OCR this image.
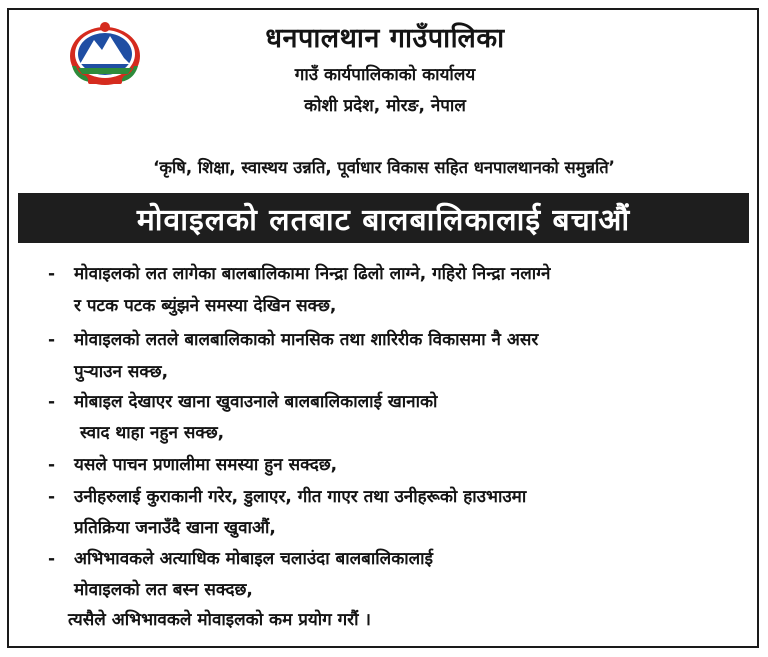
धनपालथान गाउँपालिका
गाउँ कार्यपालिकाको कार्यालय
कोशी प्रदेश, मोरङ, नेपाल
‘कृषि, शिक्षा, स्वास्थय उन्नति, पूर्वाधार विकास सहित धनपालथानको समुन्नति’
मोवाइलको लतबाट बालबालिकालाई बचाऔं
- मोवाइलको लत लागेका बालबालिकामा निन्द्रा ढिलो लाग्ने, गहिरो निन्द्रा नलाग्ने
र पटक पटक ब्युंझने समस्या देखिन सक्छ,
- मोवाइलको लतले बालबालिकाको मानसिक तथा शारिरीक विकासमा नै असर
पुऱ्याउन सक्छ,
- मोबाइल देखाएर खाना खुवाउनाले बालबालिकालाई खानाको
स्वाद थाहा नहुन सक्छ,
- यसले पाचन प्रणालीमा समस्या हुन सक्दछ,
- उनीहरुलाई कुराकानी गरेर, डुलाएर, गीत गाएर तथा उनीहरूको हाउभाउमा
प्रतिक्रिया जनाउँदै खाना खुवाऔं,
- अभिभावकले अत्याधिक मोबाइल चलाउंदा बालबालिकालाई
मोवाइलको लत बस्न सक्दछ,
त्यसैले अभिभावकले मोवाइलको कम प्रयोग गरौं ।
